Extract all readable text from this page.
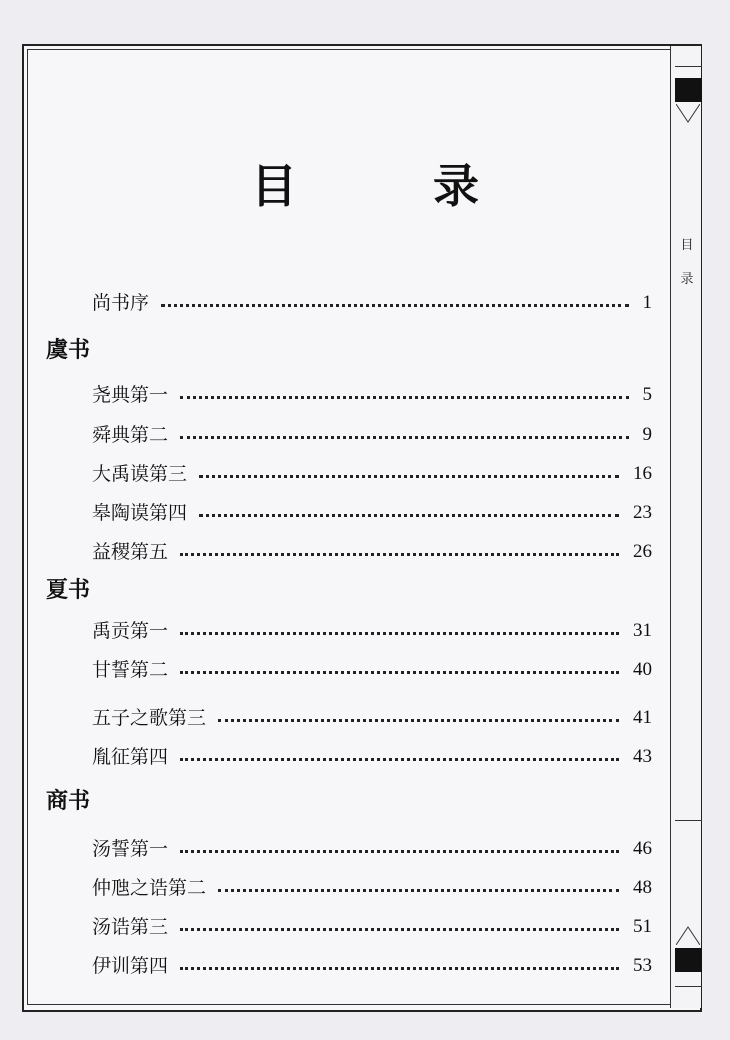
目
录
目 录
尚书序	1
虞书
尧典第一	5
舜典第二	9
大禹谟第三	16
皋陶谟第四	23
益稷第五	26
夏书
禹贡第一	31
甘誓第二	40
五子之歌第三	41
胤征第四	43
商书
汤誓第一	46
仲虺之诰第二	48
汤诰第三	51
伊训第四	53
